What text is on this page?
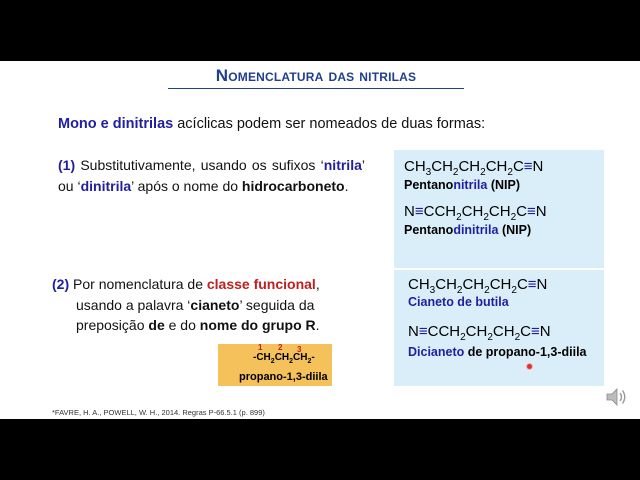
Nomenclatura das nitrilas
Mono e dinitrilas acíclicas podem ser nomeados de duas formas:
(1) Substitutivamente, usando os sufixos ‘nitrila’ ou ‘dinitrila’ após o nome do hidrocarboneto.
(2) Por nomenclatura de classe funcional,
usando a palavra ‘cianeto’ seguida da
preposição de e do nome do grupo R.
$CH_3CH_2CH_2CH_2C\equiv N$
Pentanonitrila (NIP)
$N\equiv CCH_2CH_2CH_2C\equiv N$
Pentanodinitrila (NIP)
$CH_3CH_2CH_2CH_2C\equiv N$
Cianeto de butila
$N\equiv CCH_2CH_2CH_2C\equiv N$
Dicianeto de propano-1,3-diila
1 2 3
$-CH_2CH_2CH_2-$
propano-1,3-diila
*FAVRE, H. A., POWELL, W. H., 2014. Regras P-66.5.1 (p. 899)
